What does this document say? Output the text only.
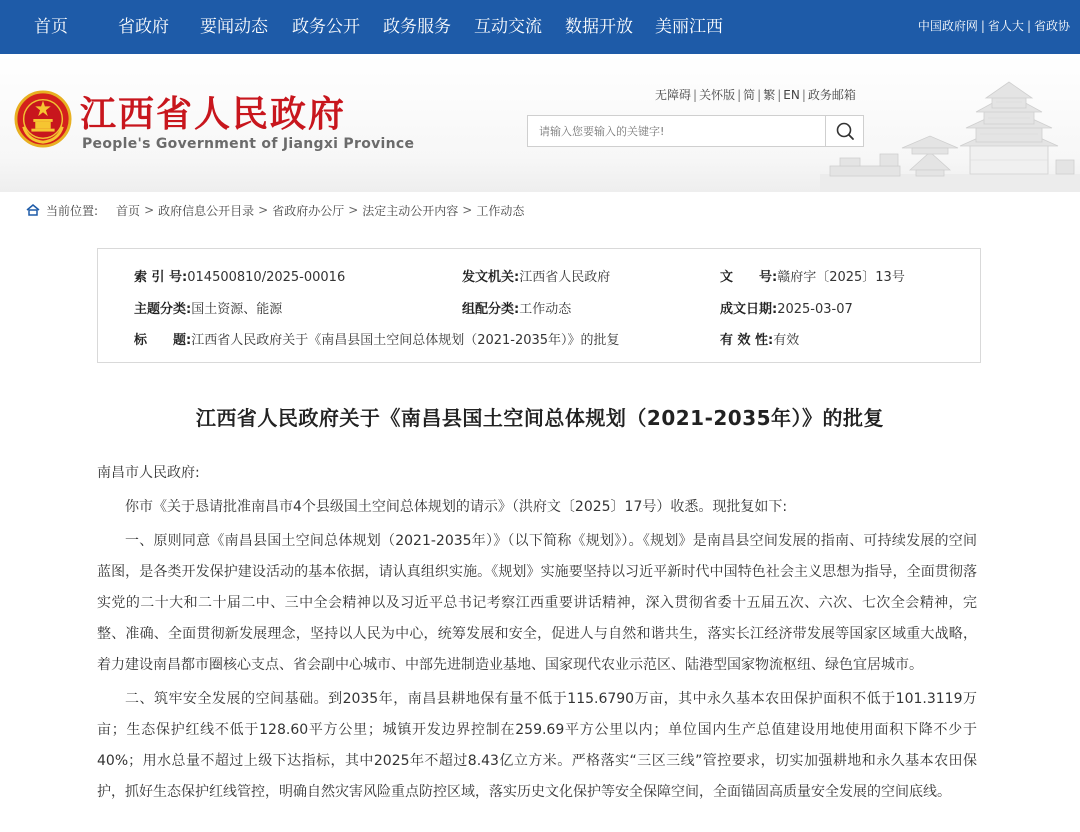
首页	省政府 要闻动态 政务公开 政务服务 互动交流 数据开放 美丽江西	中国政府网 | 省人大 | 省政协
江西省人民政府
People's Government of Jiangxi Province
无障碍 | 关怀版 | 简 | 繁 | EN | 政务邮箱
请输入您要输入的关键字!
当前位置: 首页 > 政府信息公开目录 > 省政府办公厅 > 法定主动公开内容 > 工作动态
索 引 号:014500810/2025-00016	发文机关:江西省人民政府	文　　号:赣府字〔2025〕13号
主题分类:国土资源、能源	组配分类:工作动态	成文日期:2025-03-07
标　　题:江西省人民政府关于《南昌县国土空间总体规划（2021-2035年）》的批复	有 效 性:有效
江西省人民政府关于《南昌县国土空间总体规划（2021-2035年）》的批复

南昌市人民政府:

你市《关于恳请批准南昌市4个县级国土空间总体规划的请示》（洪府文〔2025〕17号）收悉。现批复如下:

一、原则同意《南昌县国土空间总体规划（2021-2035年）》（以下简称《规划》）。《规划》是南昌县空间发展的指南、可持续发展的空间蓝图，是各类开发保护建设活动的基本依据，请认真组织实施。《规划》实施要坚持以习近平新时代中国特色社会主义思想为指导，全面贯彻落实党的二十大和二十届二中、三中全会精神以及习近平总书记考察江西重要讲话精神，深入贯彻省委十五届五次、六次、七次全会精神，完整、准确、全面贯彻新发展理念，坚持以人民为中心，统筹发展和安全，促进人与自然和谐共生，落实长江经济带发展等国家区域重大战略，着力建设南昌都市圈核心支点、省会副中心城市、中部先进制造业基地、国家现代农业示范区、陆港型国家物流枢纽、绿色宜居城市。

二、筑牢安全发展的空间基础。到2035年，南昌县耕地保有量不低于115.6790万亩，其中永久基本农田保护面积不低于101.3119万亩；生态保护红线不低于128.60平方公里；城镇开发边界控制在259.69平方公里以内；单位国内生产总值建设用地使用面积下降不少于40%；用水总量不超过上级下达指标，其中2025年不超过8.43亿立方米。严格落实“三区三线”管控要求，切实加强耕地和永久基本农田保护，抓好生态保护红线管控，明确自然灾害风险重点防控区域，落实历史文化保护等安全保障空间，全面锚固高质量安全发展的空间底线。
